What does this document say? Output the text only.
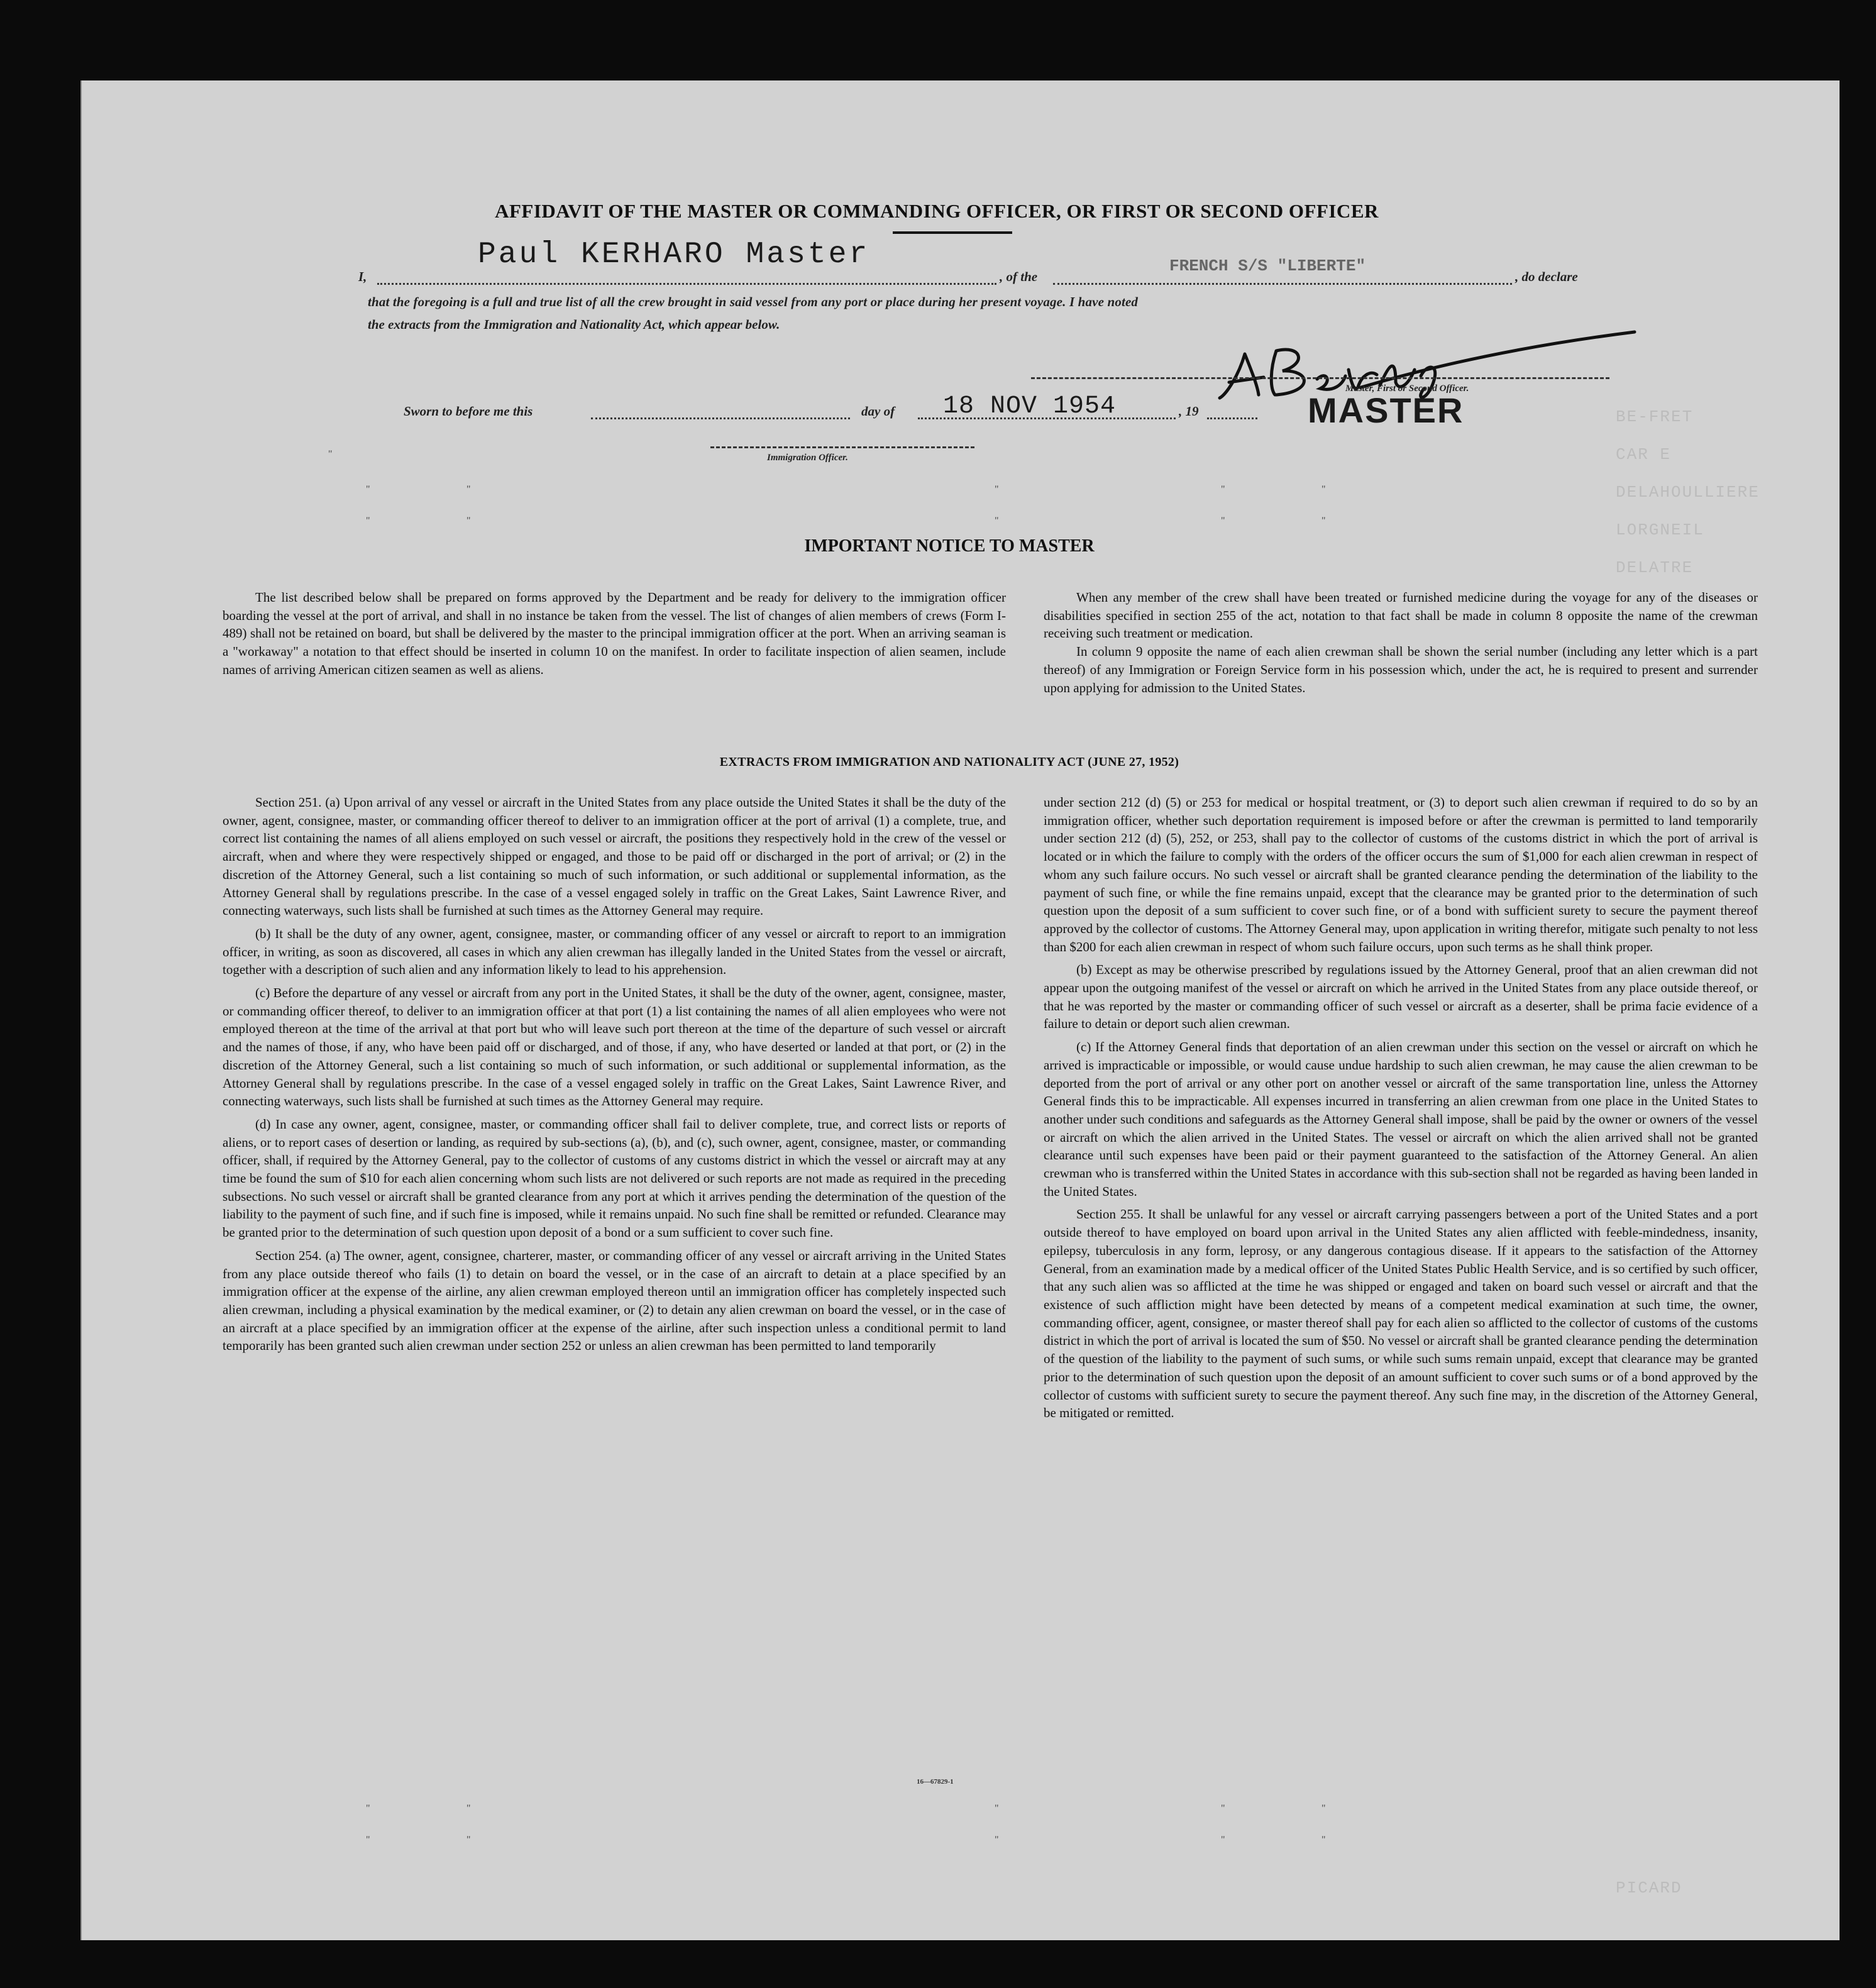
BE-FRET
CAR E
DELAHOULLIERE
LORGNEIL
DELATRE
PICARD
AFFIDAVIT OF THE MASTER OR COMMANDING OFFICER, OR FIRST OR SECOND OFFICER
I,
Paul KERHARO Master
, of the
FRENCH S/S "LIBERTE"
, do declare
that the foregoing is a full and true list of all the crew brought in said vessel from any port or place during her present voyage. I have noted
the extracts from the Immigration and Nationality Act, which appear below.
Master, First or Second Officer.
MASTER
Sworn to before me this	day of 18 NOV 1954	, 19
Immigration Officer.
"
"
"
"
"
"
"
"
"
"
"
"	"	"	"	"
"	"	"	"	"
IMPORTANT NOTICE TO MASTER

The list described below shall be prepared on forms approved by the Department and be ready for delivery to the immigration officer boarding the vessel at the port of arrival, and shall in no instance be taken from the vessel. The list of changes of alien members of crews (Form I-489) shall not be retained on board, but shall be delivered by the master to the principal immigration officer at the port. When an arriving seaman is a "workaway" a notation to that effect should be inserted in column 10 on the manifest. In order to facilitate inspection of alien seamen, include names of arriving American citizen seamen as well as aliens.

When any member of the crew shall have been treated or furnished medicine during the voyage for any of the diseases or disabilities specified in section 255 of the act, notation to that fact shall be made in column 8 opposite the name of the crewman receiving such treatment or medication.

In column 9 opposite the name of each alien crewman shall be shown the serial number (including any letter which is a part thereof) of any Immigration or Foreign Service form in his possession which, under the act, he is required to present and surrender upon applying for admission to the United States.

EXTRACTS FROM IMMIGRATION AND NATIONALITY ACT (JUNE 27, 1952)

Section 251. (a) Upon arrival of any vessel or aircraft in the United States from any place outside the United States it shall be the duty of the owner, agent, consignee, master, or commanding officer thereof to deliver to an immigration officer at the port of arrival (1) a complete, true, and correct list containing the names of all aliens employed on such vessel or aircraft, the positions they respectively hold in the crew of the vessel or aircraft, when and where they were respectively shipped or engaged, and those to be paid off or discharged in the port of arrival; or (2) in the discretion of the Attorney General, such a list containing so much of such information, or such additional or supplemental information, as the Attorney General shall by regulations prescribe. In the case of a vessel engaged solely in traffic on the Great Lakes, Saint Lawrence River, and connecting waterways, such lists shall be furnished at such times as the Attorney General may require.

(b) It shall be the duty of any owner, agent, consignee, master, or commanding officer of any vessel or aircraft to report to an immigration officer, in writing, as soon as discovered, all cases in which any alien crewman has illegally landed in the United States from the vessel or aircraft, together with a description of such alien and any information likely to lead to his apprehension.

(c) Before the departure of any vessel or aircraft from any port in the United States, it shall be the duty of the owner, agent, consignee, master, or commanding officer thereof, to deliver to an immigration officer at that port (1) a list containing the names of all alien employees who were not employed thereon at the time of the arrival at that port but who will leave such port thereon at the time of the departure of such vessel or aircraft and the names of those, if any, who have been paid off or discharged, and of those, if any, who have deserted or landed at that port, or (2) in the discretion of the Attorney General, such a list containing so much of such information, or such additional or supplemental information, as the Attorney General shall by regulations prescribe. In the case of a vessel engaged solely in traffic on the Great Lakes, Saint Lawrence River, and connecting waterways, such lists shall be furnished at such times as the Attorney General may require.

(d) In case any owner, agent, consignee, master, or commanding officer shall fail to deliver complete, true, and correct lists or reports of aliens, or to report cases of desertion or landing, as required by sub-sections (a), (b), and (c), such owner, agent, consignee, master, or commanding officer, shall, if required by the Attorney General, pay to the collector of customs of any customs district in which the vessel or aircraft may at any time be found the sum of $10 for each alien concerning whom such lists are not delivered or such reports are not made as required in the preceding subsections. No such vessel or aircraft shall be granted clearance from any port at which it arrives pending the determination of the question of the liability to the payment of such fine, and if such fine is imposed, while it remains unpaid. No such fine shall be remitted or refunded. Clearance may be granted prior to the determination of such question upon deposit of a bond or a sum sufficient to cover such fine.

Section 254. (a) The owner, agent, consignee, charterer, master, or commanding officer of any vessel or aircraft arriving in the United States from any place outside thereof who fails (1) to detain on board the vessel, or in the case of an aircraft to detain at a place specified by an immigration officer at the expense of the airline, any alien crewman employed thereon until an immigration officer has completely inspected such alien crewman, including a physical examination by the medical examiner, or (2) to detain any alien crewman on board the vessel, or in the case of an aircraft at a place specified by an immigration officer at the expense of the airline, after such inspection unless a conditional permit to land temporarily has been granted such alien crewman under section 252 or unless an alien crewman has been permitted to land temporarily

under section 212 (d) (5) or 253 for medical or hospital treatment, or (3) to deport such alien crewman if required to do so by an immigration officer, whether such deportation requirement is imposed before or after the crewman is permitted to land temporarily under section 212 (d) (5), 252, or 253, shall pay to the collector of customs of the customs district in which the port of arrival is located or in which the failure to comply with the orders of the officer occurs the sum of $1,000 for each alien crewman in respect of whom any such failure occurs. No such vessel or aircraft shall be granted clearance pending the determination of the liability to the payment of such fine, or while the fine remains unpaid, except that the clearance may be granted prior to the determination of such question upon the deposit of a sum sufficient to cover such fine, or of a bond with sufficient surety to secure the payment thereof approved by the collector of customs. The Attorney General may, upon application in writing therefor, mitigate such penalty to not less than $200 for each alien crewman in respect of whom such failure occurs, upon such terms as he shall think proper.

(b) Except as may be otherwise prescribed by regulations issued by the Attorney General, proof that an alien crewman did not appear upon the outgoing manifest of the vessel or aircraft on which he arrived in the United States from any place outside thereof, or that he was reported by the master or commanding officer of such vessel or aircraft as a deserter, shall be prima facie evidence of a failure to detain or deport such alien crewman.

(c) If the Attorney General finds that deportation of an alien crewman under this section on the vessel or aircraft on which he arrived is impracticable or impossible, or would cause undue hardship to such alien crewman, he may cause the alien crewman to be deported from the port of arrival or any other port on another vessel or aircraft of the same transportation line, unless the Attorney General finds this to be impracticable. All expenses incurred in transferring an alien crewman from one place in the United States to another under such conditions and safeguards as the Attorney General shall impose, shall be paid by the owner or owners of the vessel or aircraft on which the alien arrived in the United States. The vessel or aircraft on which the alien arrived shall not be granted clearance until such expenses have been paid or their payment guaranteed to the satisfaction of the Attorney General. An alien crewman who is transferred within the United States in accordance with this sub-section shall not be regarded as having been landed in the United States.

Section 255. It shall be unlawful for any vessel or aircraft carrying passengers between a port of the United States and a port outside thereof to have employed on board upon arrival in the United States any alien afflicted with feeble-mindedness, insanity, epilepsy, tuberculosis in any form, leprosy, or any dangerous contagious disease. If it appears to the satisfaction of the Attorney General, from an examination made by a medical officer of the United States Public Health Service, and is so certified by such officer, that any such alien was so afflicted at the time he was shipped or engaged and taken on board such vessel or aircraft and that the existence of such affliction might have been detected by means of a competent medical examination at such time, the owner, commanding officer, agent, consignee, or master thereof shall pay for each alien so afflicted to the collector of customs of the customs district in which the port of arrival is located the sum of $50. No vessel or aircraft shall be granted clearance pending the determination of the question of the liability to the payment of such sums, or while such sums remain unpaid, except that clearance may be granted prior to the determination of such question upon the deposit of an amount sufficient to cover such sums or of a bond approved by the collector of customs with sufficient surety to secure the payment thereof. Any such fine may, in the discretion of the Attorney General, be mitigated or remitted.

16—67829-1
